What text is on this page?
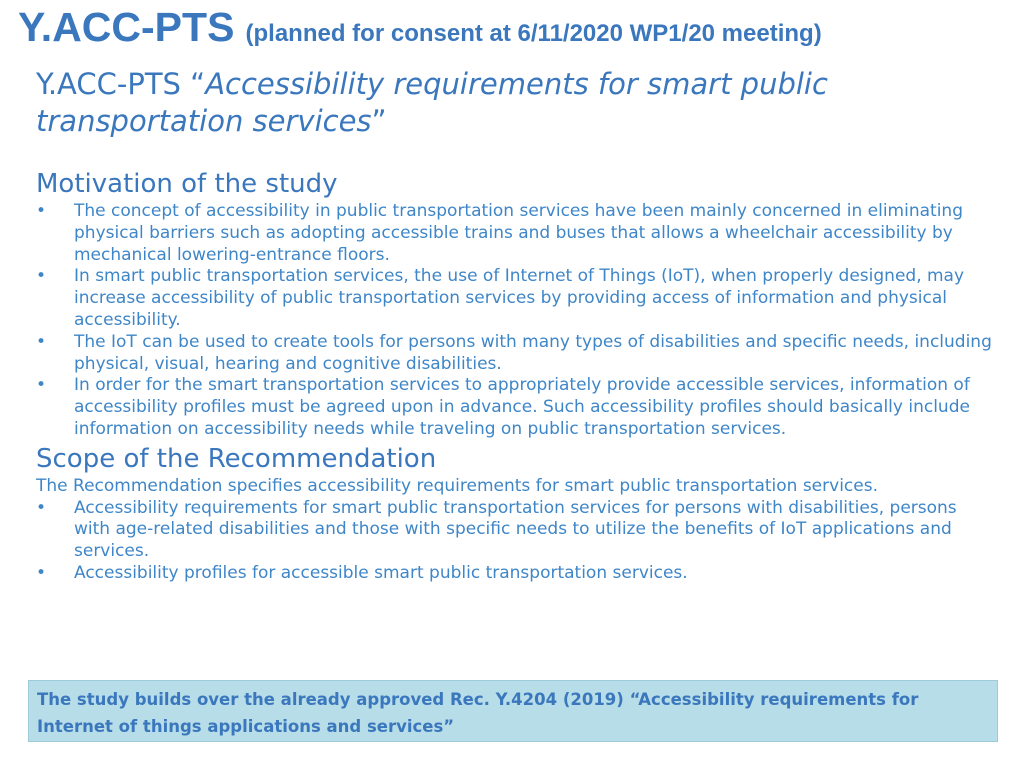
Y.ACC-PTS (planned for consent at 6/11/2020 WP1/20 meeting)
Y.ACC-PTS “Accessibility requirements for smart public transportation services”
Motivation of the study
• The concept of accessibility in public transportation services have been mainly concerned in eliminating physical barriers such as adopting accessible trains and buses that allows a wheelchair accessibility by mechanical lowering-entrance floors.
• In smart public transportation services, the use of Internet of Things (IoT), when properly designed, may increase accessibility of public transportation services by providing access of information and physical accessibility.
• The IoT can be used to create tools for persons with many types of disabilities and specific needs, including physical, visual, hearing and cognitive disabilities.
• In order for the smart transportation services to appropriately provide accessible services, information of accessibility profiles must be agreed upon in advance. Such accessibility profiles should basically include information on accessibility needs while traveling on public transportation services.
Scope of the Recommendation
The Recommendation specifies accessibility requirements for smart public transportation services.
• Accessibility requirements for smart public transportation services for persons with disabilities, persons with age-related disabilities and those with specific needs to utilize the benefits of IoT applications and services.
• Accessibility profiles for accessible smart public transportation services.
The study builds over the already approved Rec. Y.4204 (2019) “Accessibility requirements for Internet of things applications and services”
